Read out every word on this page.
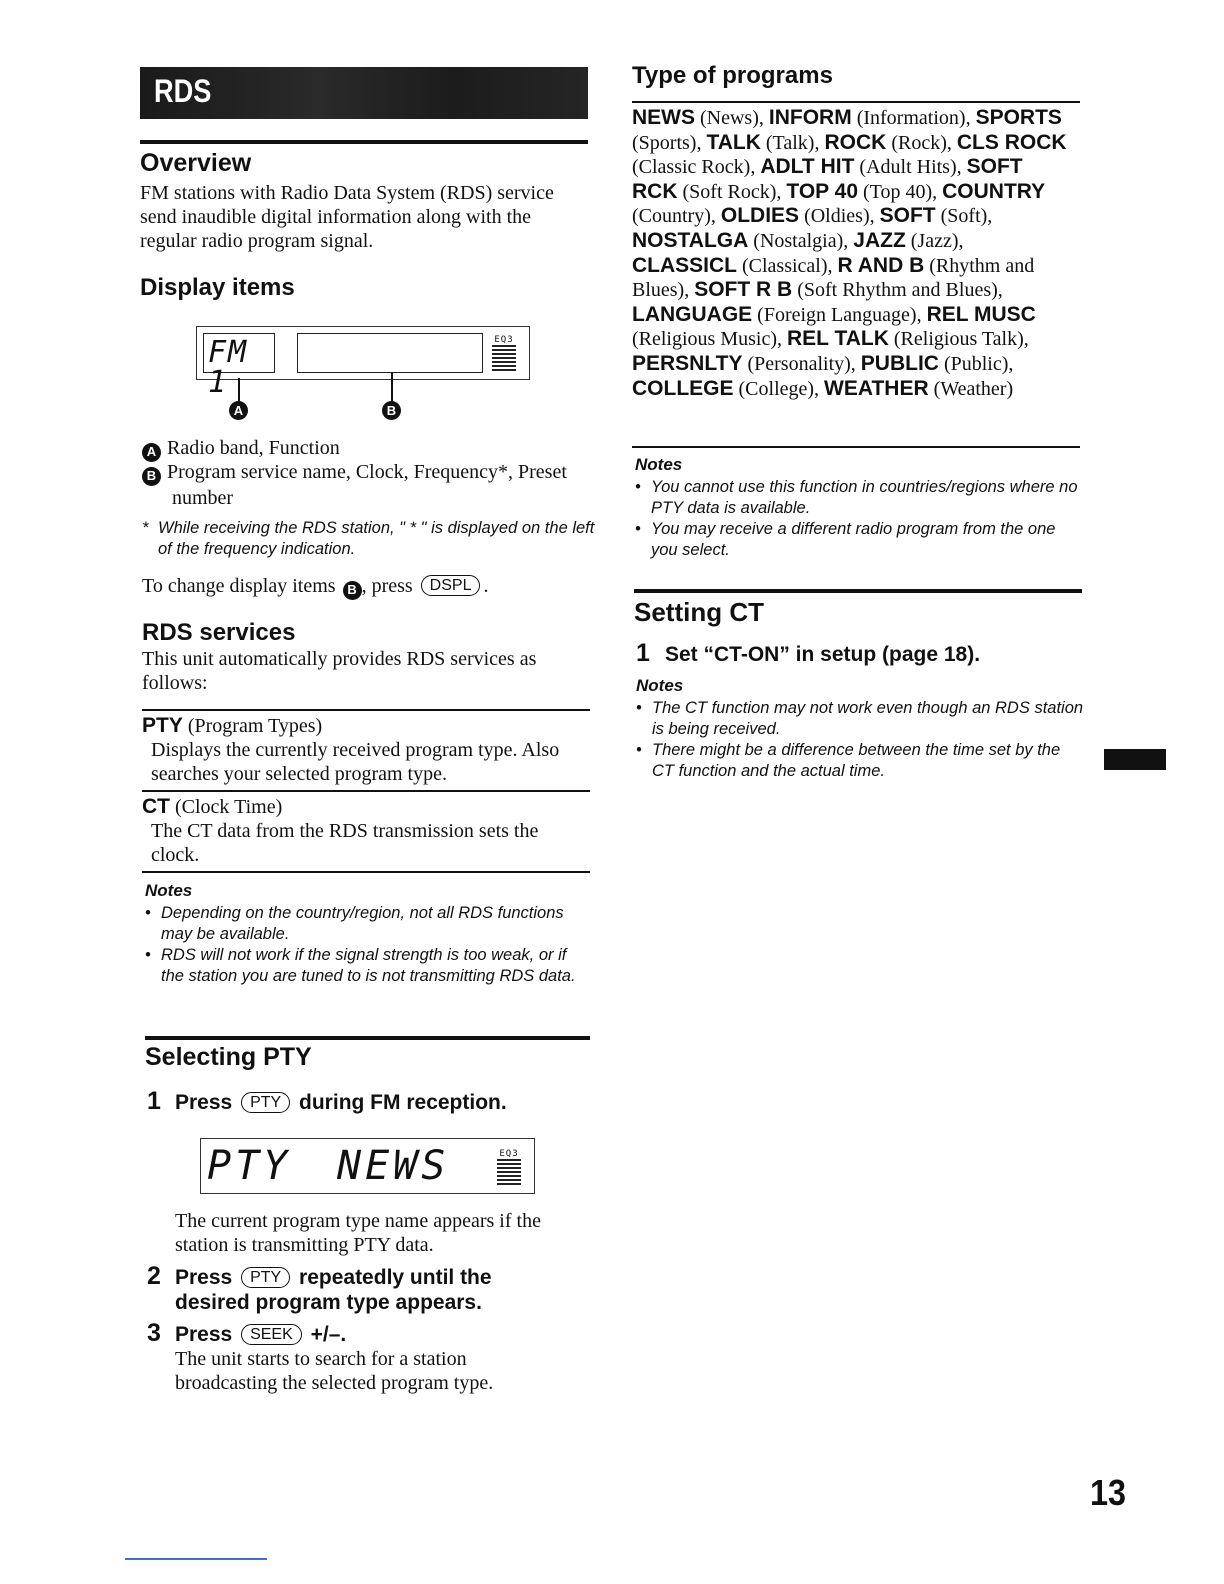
RDS
Overview
FM stations with Radio Data System (RDS) service send inaudible digital information along with the regular radio program signal.
Display items
FM 1
EQ3
A	B
A Radio band, Function
B Program service name, Clock, Frequency*, Preset number
* While receiving the RDS station, " * " is displayed on the left of the frequency indication.
To change display items B , press DSPL .
RDS services
This unit automatically provides RDS services as follows:
PTY (Program Types)
Displays the currently received program type. Also searches your selected program type.
CT (Clock Time)
The CT data from the RDS transmission sets the clock.
Notes
• Depending on the country/region, not all RDS functions may be available.
• RDS will not work if the signal strength is too weak, or if the station you are tuned to is not transmitting RDS data.
Selecting PTY
1 Press PTY during FM reception.
PTY NEWS	EQ3
The current program type name appears if the station is transmitting PTY data.
2 Press PTY repeatedly until the desired program type appears.
3 Press SEEK +/–.
The unit starts to search for a station broadcasting the selected program type.
Type of programs
NEWS (News), INFORM (Information), SPORTS (Sports), TALK (Talk), ROCK (Rock), CLS ROCK (Classic Rock), ADLT HIT (Adult Hits), SOFT RCK (Soft Rock), TOP 40 (Top 40), COUNTRY (Country), OLDIES (Oldies), SOFT (Soft), NOSTALGA (Nostalgia), JAZZ (Jazz), CLASSICL (Classical), R AND B (Rhythm and Blues), SOFT R B (Soft Rhythm and Blues), LANGUAGE (Foreign Language), REL MUSC (Religious Music), REL TALK (Religious Talk), PERSNLTY (Personality), PUBLIC (Public), COLLEGE (College), WEATHER (Weather)
Notes
• You cannot use this function in countries/regions where no PTY data is available.
• You may receive a different radio program from the one you select.
Setting CT
1 Set “CT-ON” in setup (page 18).
Notes
• The CT function may not work even though an RDS station is being received.
• There might be a difference between the time set by the CT function and the actual time.
13
